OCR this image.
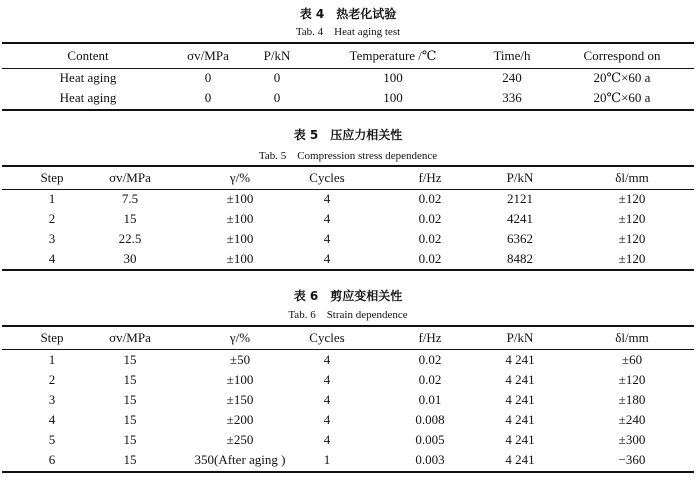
表 4　热老化试验
Tab. 4　Heat aging test
Content	σv/MPa	P/kN	Temperature /℃	Time/h	Correspond on
Heat aging	0	0	100	240	20℃×60 a
Heat aging	0	0	100	336	20℃×60 a
表 5　压应力相关性
Tab. 5　Compression stress dependence
Step	σv/MPa	γ/%	Cycles	f/Hz	P/kN	δl/mm
1	7.5	±100	4	0.02	2121	±120
2	15	±100	4	0.02	4241	±120
3	22.5	±100	4	0.02	6362	±120
4	30	±100	4	0.02	8482	±120
表 6　剪应变相关性
Tab. 6　Strain dependence
Step	σv/MPa	γ/%	Cycles	f/Hz	P/kN	δl/mm
1	15	±50	4	0.02	4 241	±60
2	15	±100	4	0.02	4 241	±120
3	15	±150	4	0.01	4 241	±180
4	15	±200	4	0.008	4 241	±240
5	15	±250	4	0.005	4 241	±300
6	15	350(After aging )	1	0.003	4 241	−360
